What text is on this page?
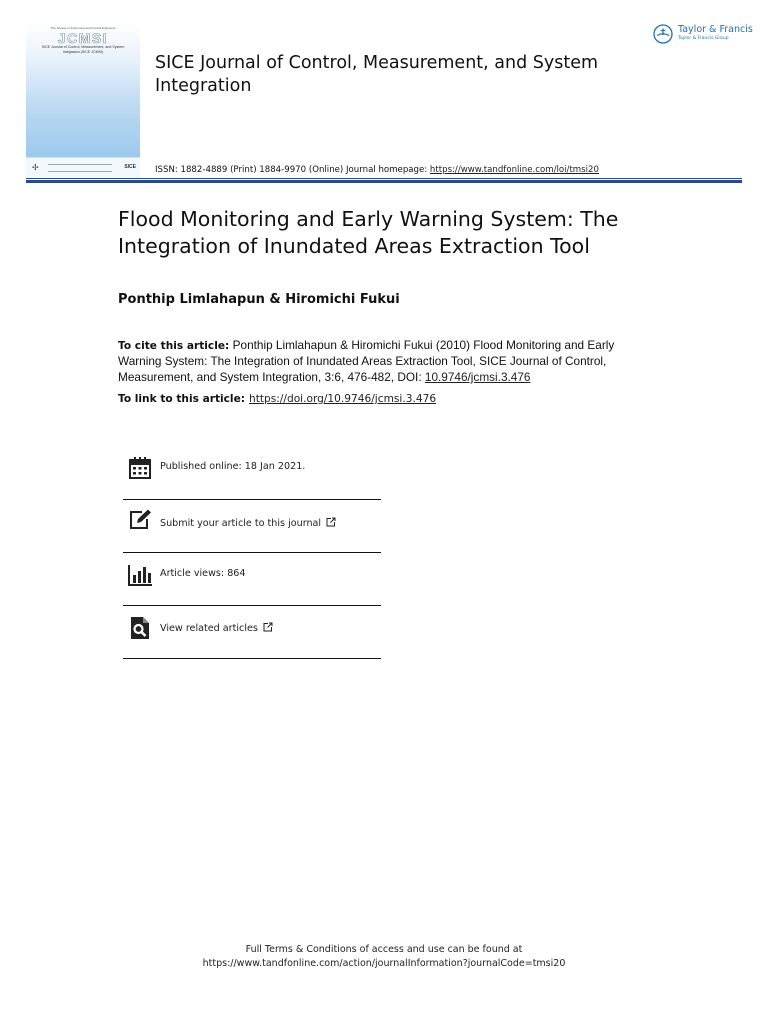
The Society of Instrument and Control Engineers
JCMSI
SICE Journal of Control, Measurement, and System Integration (SICE JCMSI)
✢	SICE
SICE Journal of Control, Measurement, and System Integration
ISSN: 1882-4889 (Print) 1884-9970 (Online) Journal homepage: https://www.tandfonline.com/loi/tmsi20
Taylor & Francis
Taylor & Francis Group
Flood Monitoring and Early Warning System: The Integration of Inundated Areas Extraction Tool
Ponthip Limlahapun & Hiromichi Fukui
To cite this article: Ponthip Limlahapun & Hiromichi Fukui (2010) Flood Monitoring and Early Warning System: The Integration of Inundated Areas Extraction Tool, SICE Journal of Control, Measurement, and System Integration, 3:6, 476-482, DOI: 10.9746/jcmsi.3.476
To link to this article: https://doi.org/10.9746/jcmsi.3.476
Published online: 18 Jan 2021.
Submit your article to this journal
Article views: 864
View related articles
Full Terms & Conditions of access and use can be found at
https://www.tandfonline.com/action/journalInformation?journalCode=tmsi20
